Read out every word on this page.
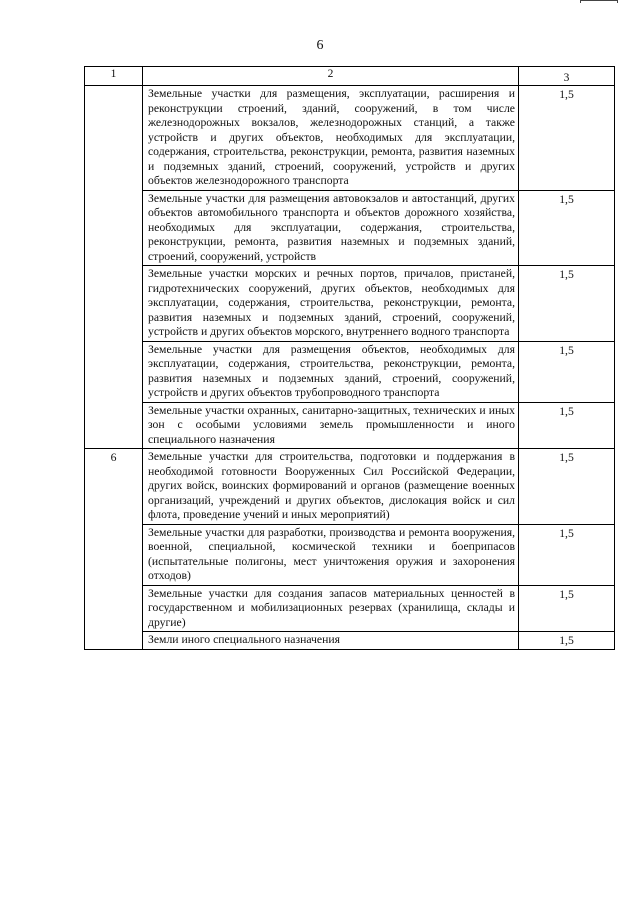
6
1	2	3
	Земельные участки для размещения, эксплуатации, расширения и реконструкции строений, зданий, сооружений, в том числе железнодорожных вокзалов, железнодорожных станций, а также устройств и других объектов, необходимых для эксплуатации, содержания, строительства, реконструкции, ремонта, развития наземных и подземных зданий, строений, сооружений, устройств и других объектов железнодорожного транспорта	1,5
	Земельные участки для размещения автовокзалов и автостанций, других объектов автомобильного транспорта и объектов дорожного хозяйства, необходимых для эксплуатации, содержания, строительства, реконструкции, ремонта, развития наземных и подземных зданий, строений, сооружений, устройств	1,5
	Земельные участки морских и речных портов, причалов, пристаней, гидротехнических сооружений, других объектов, необходимых для эксплуатации, содержания, строительства, реконструкции, ремонта, развития наземных и подземных зданий, строений, сооружений, устройств и других объектов морского, внутреннего водного транспорта	1,5
	Земельные участки для размещения объектов, необходимых для эксплуатации, содержания, строительства, реконструкции, ремонта, развития наземных и подземных зданий, строений, сооружений, устройств и других объектов трубопроводного транспорта	1,5
	Земельные участки охранных, санитарно-защитных, технических и иных зон с особыми условиями земель промышленности и иного специального назначения	1,5
6	Земельные участки для строительства, подготовки и поддержания в необходимой готовности Вооруженных Сил Российской Федерации, других войск, воинских формирований и органов (размещение военных организаций, учреждений и других объектов, дислокация войск и сил флота, проведение учений и иных мероприятий)	1,5
	Земельные участки для разработки, производства и ремонта вооружения, военной, специальной, космической техники и боеприпасов (испытательные полигоны, мест уничтожения оружия и захоронения отходов)	1,5
	Земельные участки для создания запасов материальных ценностей в государственном и мобилизационных резервах (хранилища, склады и другие)	1,5
	Земли иного специального назначения	1,5
